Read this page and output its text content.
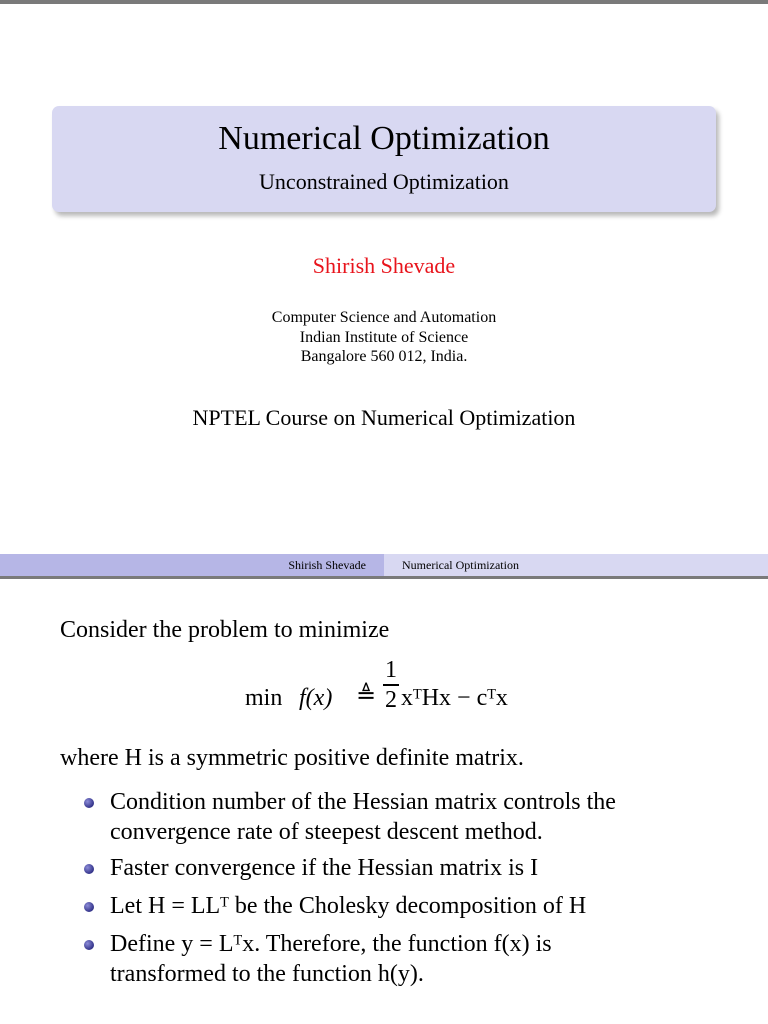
Numerical Optimization
Unconstrained Optimization
Shirish Shevade
Computer Science and Automation
Indian Institute of Science
Bangalore 560 012, India.
NPTEL Course on Numerical Optimization
Shirish Shevade	Numerical Optimization
Consider the problem to minimize
min f(x) ≜
1
2 xᵀHx − cᵀx
where H is a symmetric positive definite matrix.
Condition number of the Hessian matrix controls the
convergence rate of steepest descent method.
Faster convergence if the Hessian matrix is I
Let H = LLᵀ be the Cholesky decomposition of H
Define y = Lᵀx. Therefore, the function f(x) is
transformed to the function h(y).
